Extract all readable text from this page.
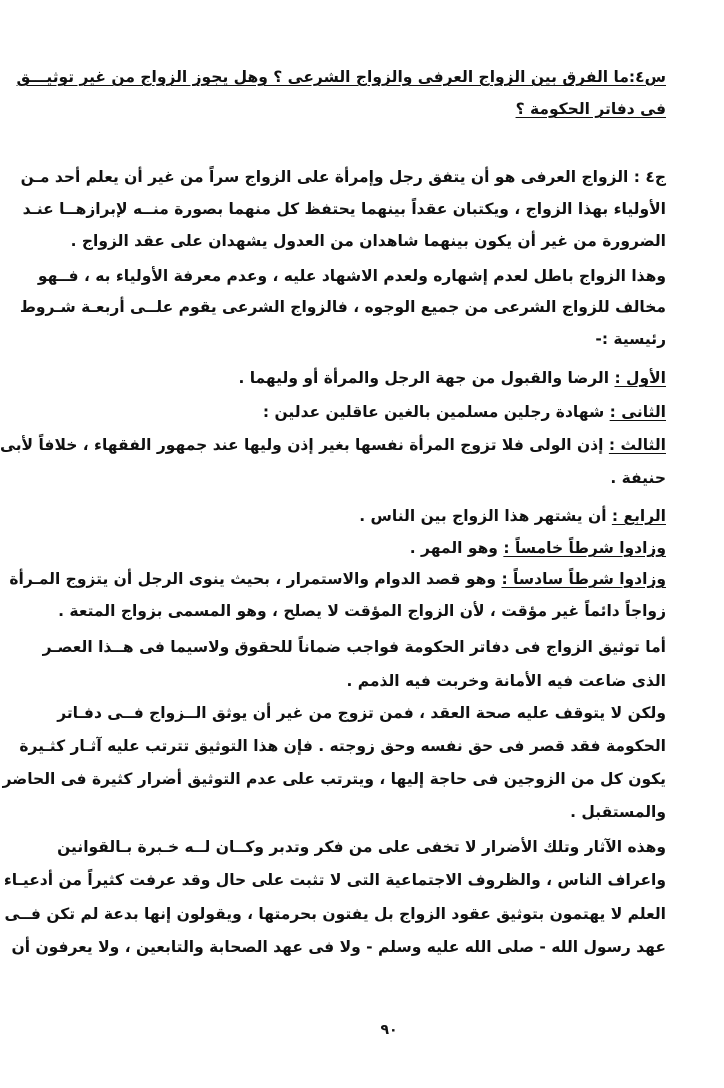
س٤:ما الفرق بين الزواج العرفى والزواج الشرعى ؟ وهل يجوز الزواج من غير توثيـــق
فى دفاتر الحكومة ؟
ج٤ : الزواج العرفى هو أن يتفق رجل وإمرأة على الزواج سراً من غير أن يعلم أحد مـن
الأولياء بهذا الزواج ، ويكتبان عقداً بينهما يحتفظ كل منهما بصورة منــه لإبرازهــا عنـد
الضرورة من غير أن يكون بينهما شاهدان من العدول يشهدان على عقد الزواج .
وهذا الزواج باطل لعدم إشهاره ولعدم الاشهاد عليه ، وعدم معرفة الأولياء به ، فــهو
مخالف للزواج الشرعى من جميع الوجوه ، فالزواج الشرعى يقوم علــى أربعـة شـروط
رئيسية :-
الأول : الرضا والقبول من جهة الرجل والمرأة أو وليهما .
الثانى : شهادة رجلين مسلمين بالغين عاقلين عدلين :
الثالث : إذن الولى فلا تزوج المرأة نفسها بغير إذن وليها عند جمهور الفقهاء ، خلافاً لأبى
حنيفة .
الرابع : أن يشتهر هذا الزواج بين الناس .
وزادوا شرطاً خامساً : وهو المهر .
وزادوا شرطاً سادساً : وهو قصد الدوام والاستمرار ، بحيث ينوى الرجل أن يتزوج المـرأة
زواجاً دائماً غير مؤقت ، لأن الزواج المؤقت لا يصلح ، وهو المسمى بزواج المتعة .
أما توثيق الزواج فى دفاتر الحكومة فواجب ضماناً للحقوق ولاسيما فى هــذا العصـر
الذى ضاعت فيه الأمانة وخربت فيه الذمم .
ولكن لا يتوقف عليه صحة العقد ، فمن تزوج من غير أن يوثق الــزواج فــى دفـاتر
الحكومة فقد قصر فى حق نفسه وحق زوجته . فإن هذا التوثيق تترتب عليه آثـار كثـيرة
يكون كل من الزوجين فى حاجة إليها ، ويترتب على عدم التوثيق أضرار كثيرة فى الحاضر
والمستقبل .
وهذه الآثار وتلك الأضرار لا تخفى على من فكر وتدبر وكــان لــه خـبرة بـالقوانين
واعراف الناس ، والظروف الاجتماعية التى لا تثبت على حال وقد عرفت كثيراً من أدعيـاء
العلم لا يهتمون بتوثيق عقود الزواج بل يفتون بحرمتها ، ويقولون إنها بدعة لم تكن فــى
عهد رسول الله - صلى الله عليه وسلم - ولا فى عهد الصحابة والتابعين ، ولا يعرفون أن
٩٠
